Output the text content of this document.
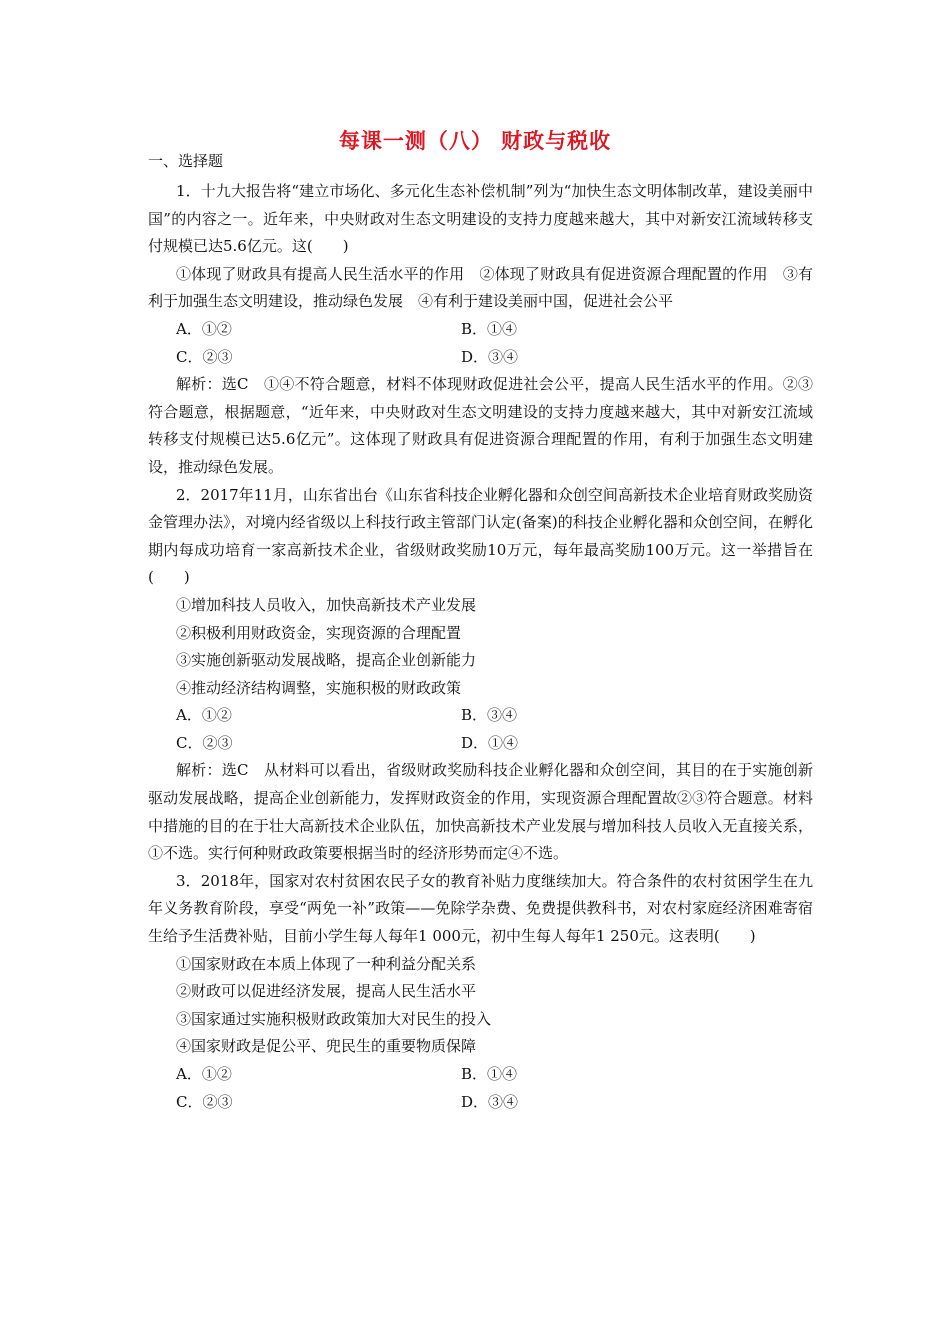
每课一测（八） 财政与税收
一、选择题

1．十九大报告将“建立市场化、多元化生态补偿机制”列为“加快生态文明体制改革，建设美丽中国”的内容之一。近年来，中央财政对生态文明建设的支持力度越来越大，其中对新安江流域转移支付规模已达5.6亿元。这(　　)

①体现了财政具有提高人民生活水平的作用　②体现了财政具有促进资源合理配置的作用　③有利于加强生态文明建设，推动绿色发展　④有利于建设美丽中国，促进社会公平

A．①②	B．①④
C．②③	D．③④

解析：选C　①④不符合题意，材料不体现财政促进社会公平，提高人民生活水平的作用。②③符合题意，根据题意，“近年来，中央财政对生态文明建设的支持力度越来越大，其中对新安江流域转移支付规模已达5.6亿元”。这体现了财政具有促进资源合理配置的作用，有利于加强生态文明建设，推动绿色发展。

2．2017年11月，山东省出台《山东省科技企业孵化器和众创空间高新技术企业培育财政奖励资金管理办法》，对境内经省级以上科技行政主管部门认定(备案)的科技企业孵化器和众创空间，在孵化期内每成功培育一家高新技术企业，省级财政奖励10万元，每年最高奖励100万元。这一举措旨在(　　)

①增加科技人员收入，加快高新技术产业发展

②积极利用财政资金，实现资源的合理配置

③实施创新驱动发展战略，提高企业创新能力

④推动经济结构调整，实施积极的财政政策

A．①②	B．③④
C．②③	D．①④

解析：选C　从材料可以看出，省级财政奖励科技企业孵化器和众创空间，其目的在于实施创新驱动发展战略，提高企业创新能力，发挥财政资金的作用，实现资源合理配置故②③符合题意。材料中措施的目的在于壮大高新技术企业队伍，加快高新技术产业发展与增加科技人员收入无直接关系，①不选。实行何种财政政策要根据当时的经济形势而定④不选。

3．2018年，国家对农村贫困农民子女的教育补贴力度继续加大。符合条件的农村贫困学生在九年义务教育阶段，享受“两免一补”政策——免除学杂费、免费提供教科书，对农村家庭经济困难寄宿生给予生活费补贴，目前小学生每人每年1 000元，初中生每人每年1 250元。这表明(　　)

①国家财政在本质上体现了一种利益分配关系

②财政可以促进经济发展，提高人民生活水平

③国家通过实施积极财政政策加大对民生的投入

④国家财政是促公平、兜民生的重要物质保障

A．①②	B．①④
C．②③	D．③④
